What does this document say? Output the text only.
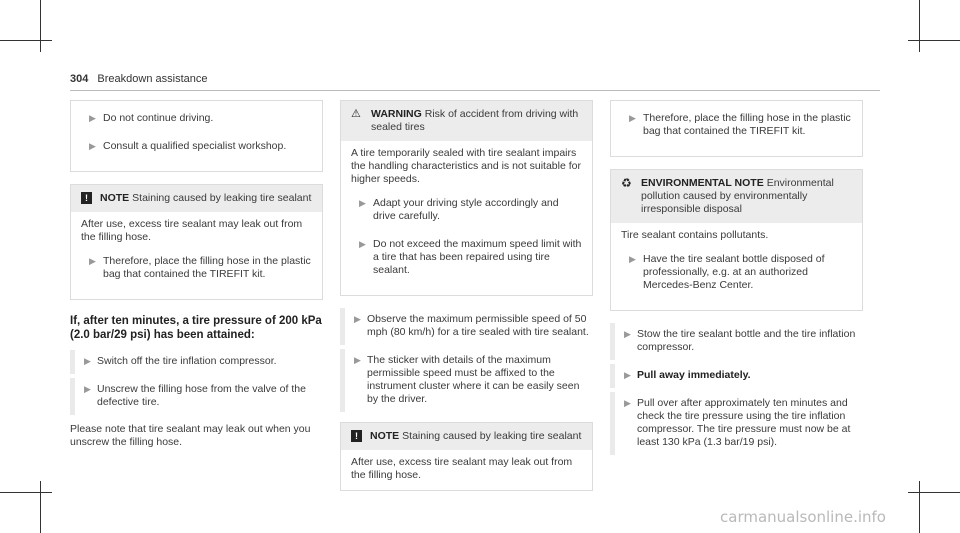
304 Breakdown assistance
▶ Do not continue driving.
▶ Consult a qualified specialist workshop.
!	NOTE Staining caused by leaking tire sealant
After use, excess tire sealant may leak out from the filling hose.
▶ Therefore, place the filling hose in the plastic bag that contained the TIREFIT kit.
If, after ten minutes, a tire pressure of 200 kPa (2.0 bar/29 psi) has been attained:
▶ Switch off the tire inflation compressor.
▶ Unscrew the filling hose from the valve of the defective tire.
Please note that tire sealant may leak out when you unscrew the filling hose.
⚠ WARNING Risk of accident from driving with sealed tires
A tire temporarily sealed with tire sealant impairs the handling characteristics and is not suitable for higher speeds.
▶ Adapt your driving style accordingly and drive carefully.
▶ Do not exceed the maximum speed limit with a tire that has been repaired using tire sealant.
▶ Observe the maximum permissible speed of 50 mph (80 km/h) for a tire sealed with tire sealant.
▶ The sticker with details of the maximum permissible speed must be affixed to the instrument cluster where it can be easily seen by the driver.
!	NOTE Staining caused by leaking tire sealant
After use, excess tire sealant may leak out from the filling hose.
▶ Therefore, place the filling hose in the plastic bag that contained the TIREFIT kit.
♻ ENVIRONMENTAL NOTE Environmental pollution caused by environmentally irresponsible disposal
Tire sealant contains pollutants.
▶ Have the tire sealant bottle disposed of professionally, e.g. at an authorized Mercedes-Benz Center.
▶ Stow the tire sealant bottle and the tire inflation compressor.
▶ Pull away immediately.
▶ Pull over after approximately ten minutes and check the tire pressure using the tire inflation compressor. The tire pressure must now be at least 130 kPa (1.3 bar/19 psi).
carmanualsonline.info
